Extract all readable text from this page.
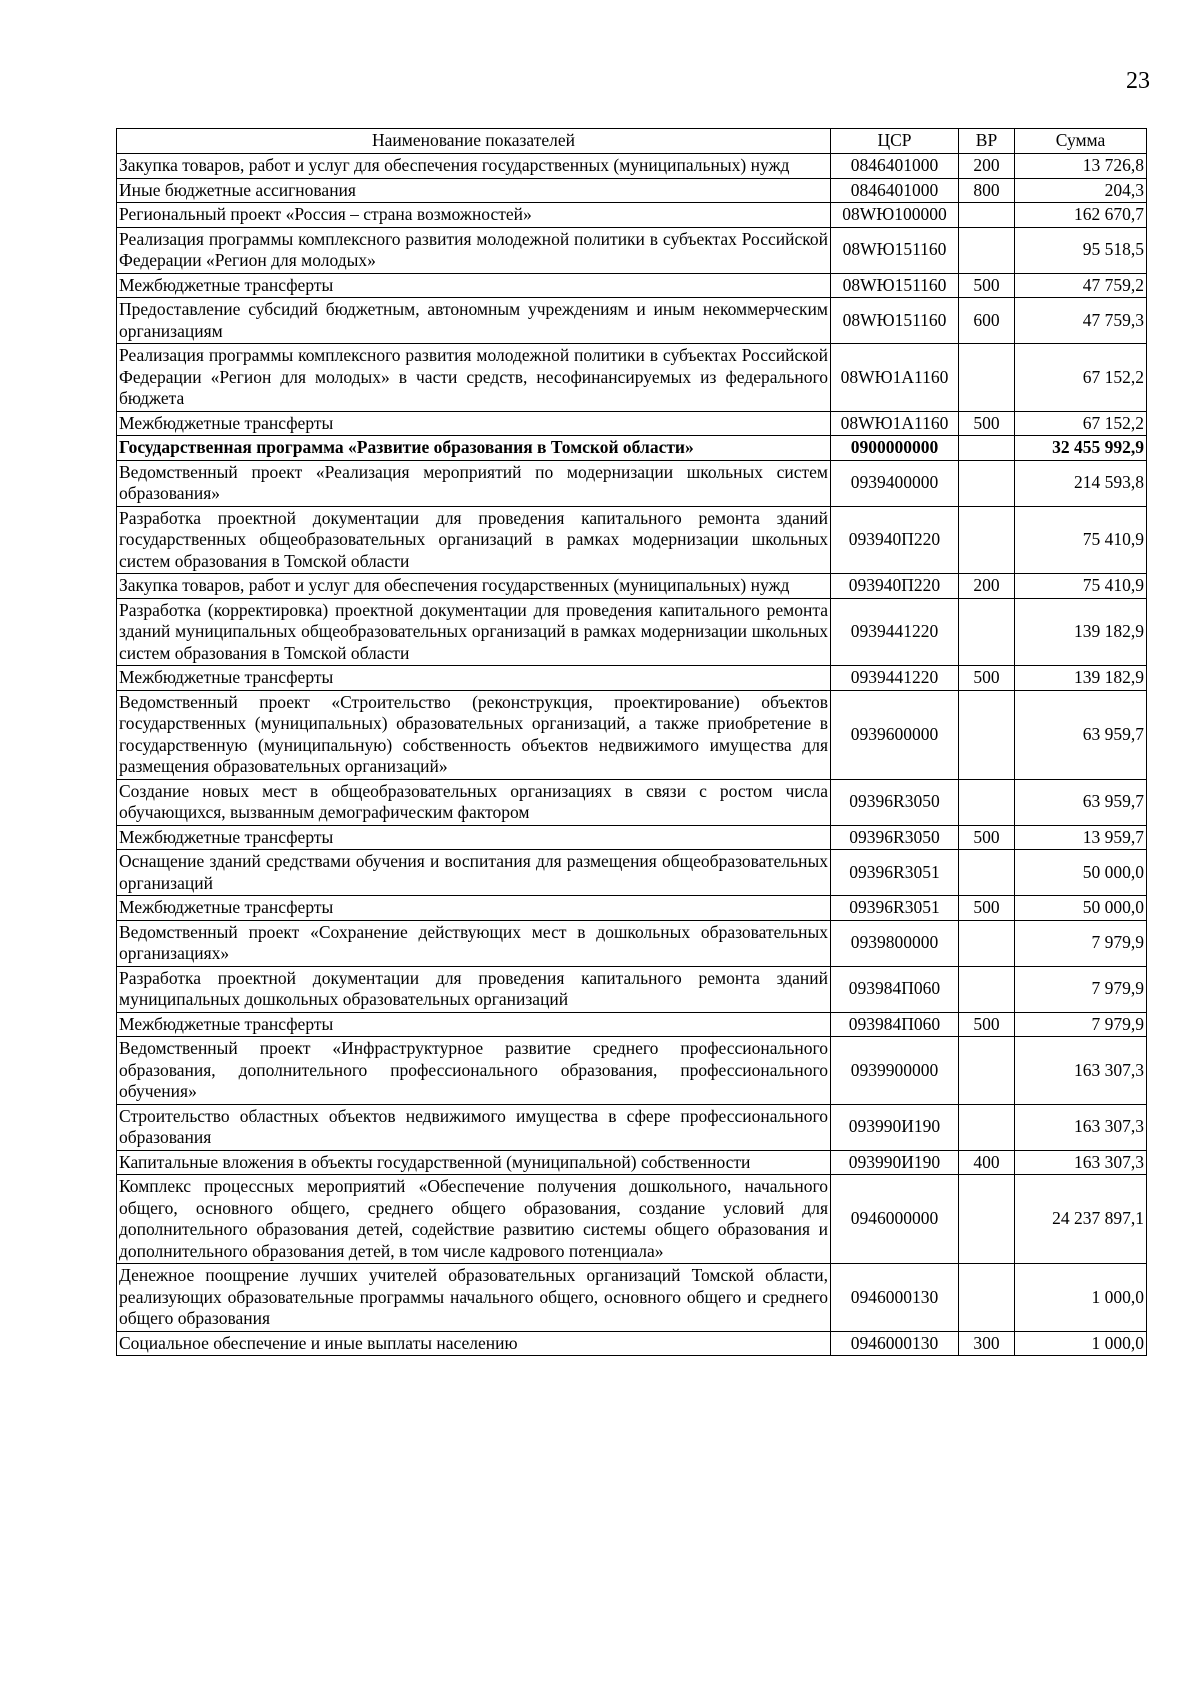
23
Наименование показателей	ЦСР	ВР	Сумма
Закупка товаров, работ и услуг для обеспечения государственных (муниципальных) нужд	0846401000	200	13 726,8
Иные бюджетные ассигнования	0846401000	800	204,3
Региональный проект «Россия – страна возможностей»	08WЮ100000		162 670,7
Реализация программы комплексного развития молодежной политики в субъектах Российской Федерации «Регион для молодых»	08WЮ151160		95 518,5
Межбюджетные трансферты	08WЮ151160	500	47 759,2
Предоставление субсидий бюджетным, автономным учреждениям и иным некоммерческим организациям	08WЮ151160	600	47 759,3
Реализация программы комплексного развития молодежной политики в субъектах Российской Федерации «Регион для молодых» в части средств, несофинансируемых из федерального бюджета	08WЮ1А1160		67 152,2
Межбюджетные трансферты	08WЮ1А1160	500	67 152,2
Государственная программа «Развитие образования в Томской области»	0900000000		32 455 992,9
Ведомственный проект «Реализация мероприятий по модернизации школьных систем образования»	0939400000		214 593,8
Разработка проектной документации для проведения капитального ремонта зданий государственных общеобразовательных организаций в рамках модернизации школьных систем образования в Томской области	093940П220		75 410,9
Закупка товаров, работ и услуг для обеспечения государственных (муниципальных) нужд	093940П220	200	75 410,9
Разработка (корректировка) проектной документации для проведения капитального ремонта зданий муниципальных общеобразовательных организаций в рамках модернизации школьных систем образования в Томской области	0939441220		139 182,9
Межбюджетные трансферты	0939441220	500	139 182,9
Ведомственный проект «Строительство (реконструкция, проектирование) объектов государственных (муниципальных) образовательных организаций, а также приобретение в государственную (муниципальную) собственность объектов недвижимого имущества для размещения образовательных организаций»	0939600000		63 959,7
Создание новых мест в общеобразовательных организациях в связи с ростом числа обучающихся, вызванным демографическим фактором	09396R3050		63 959,7
Межбюджетные трансферты	09396R3050	500	13 959,7
Оснащение зданий средствами обучения и воспитания для размещения общеобразовательных организаций	09396R3051		50 000,0
Межбюджетные трансферты	09396R3051	500	50 000,0
Ведомственный проект «Сохранение действующих мест в дошкольных образовательных организациях»	0939800000		7 979,9
Разработка проектной документации для проведения капитального ремонта зданий муниципальных дошкольных образовательных организаций	093984П060		7 979,9
Межбюджетные трансферты	093984П060	500	7 979,9
Ведомственный проект «Инфраструктурное развитие среднего профессионального образования, дополнительного профессионального образования, профессионального обучения»	0939900000		163 307,3
Строительство областных объектов недвижимого имущества в сфере профессионального образования	093990И190		163 307,3
Капитальные вложения в объекты государственной (муниципальной) собственности	093990И190	400	163 307,3
Комплекс процессных мероприятий «Обеспечение получения дошкольного, начального общего, основного общего, среднего общего образования, создание условий для дополнительного образования детей, содействие развитию системы общего образования и дополнительного образования детей, в том числе кадрового потенциала»	0946000000		24 237 897,1
Денежное поощрение лучших учителей образовательных организаций Томской области, реализующих образовательные программы начального общего, основного общего и среднего общего образования	0946000130		1 000,0
Социальное обеспечение и иные выплаты населению	0946000130	300	1 000,0
